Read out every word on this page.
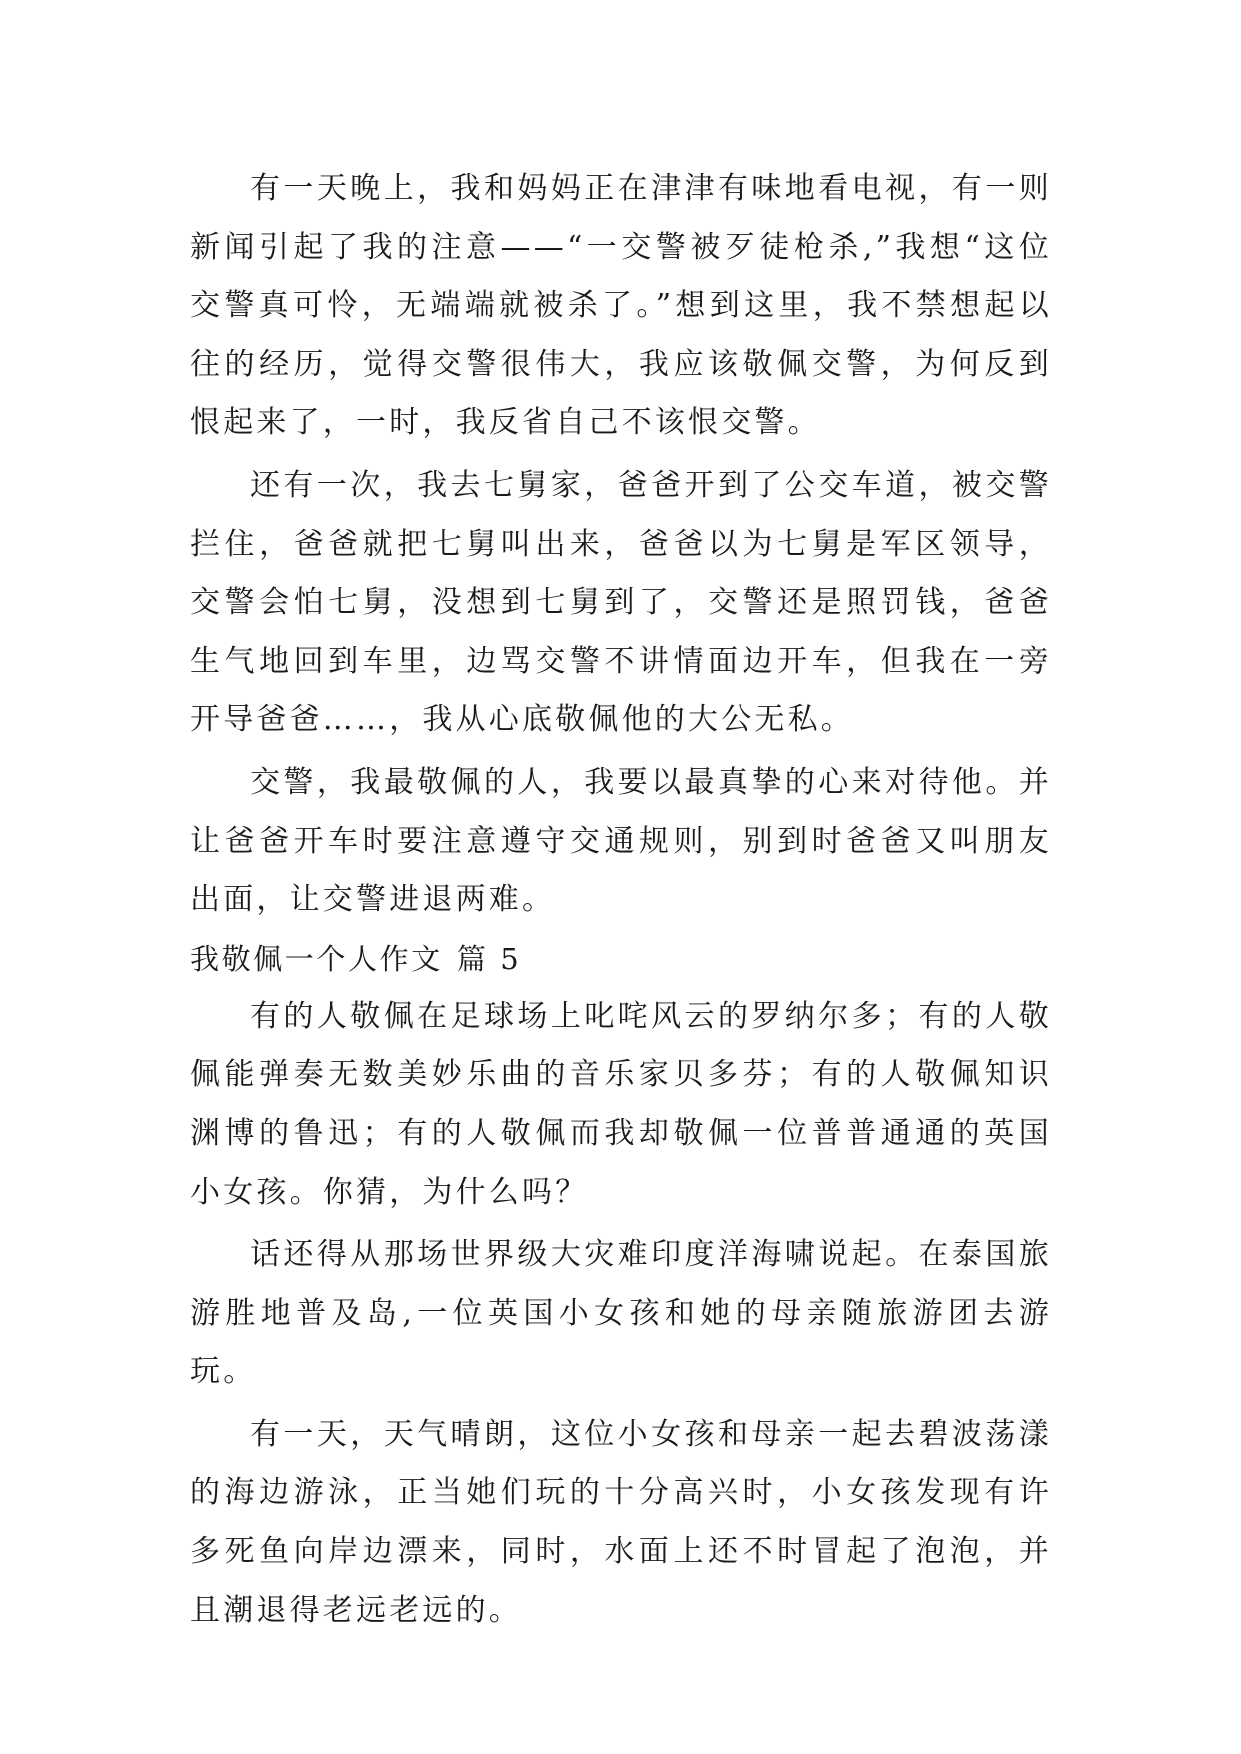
有一天晚上，我和妈妈正在津津有味地看电视，有一则新闻引起了我的注意——“一交警被歹徒枪杀,”我想“这位交警真可怜，无端端就被杀了。”想到这里，我不禁想起以往的经历，觉得交警很伟大，我应该敬佩交警，为何反到恨起来了，一时，我反省自己不该恨交警。

还有一次，我去七舅家，爸爸开到了公交车道，被交警拦住，爸爸就把七舅叫出来，爸爸以为七舅是军区领导，交警会怕七舅，没想到七舅到了，交警还是照罚钱，爸爸生气地回到车里，边骂交警不讲情面边开车，但我在一旁开导爸爸……，我从心底敬佩他的大公无私。

交警，我最敬佩的人，我要以最真挚的心来对待他。并让爸爸开车时要注意遵守交通规则，别到时爸爸又叫朋友出面，让交警进退两难。

我敬佩一个人作文 篇 5

有的人敬佩在足球场上叱咤风云的罗纳尔多；有的人敬佩能弹奏无数美妙乐曲的音乐家贝多芬；有的人敬佩知识渊博的鲁迅；有的人敬佩而我却敬佩一位普普通通的英国小女孩。你猜，为什么吗？

话还得从那场世界级大灾难印度洋海啸说起。在泰国旅游胜地普及岛,一位英国小女孩和她的母亲随旅游团去游玩。

有一天，天气晴朗，这位小女孩和母亲一起去碧波荡漾的海边游泳，正当她们玩的十分高兴时，小女孩发现有许多死鱼向岸边漂来，同时，水面上还不时冒起了泡泡，并且潮退得老远老远的。
